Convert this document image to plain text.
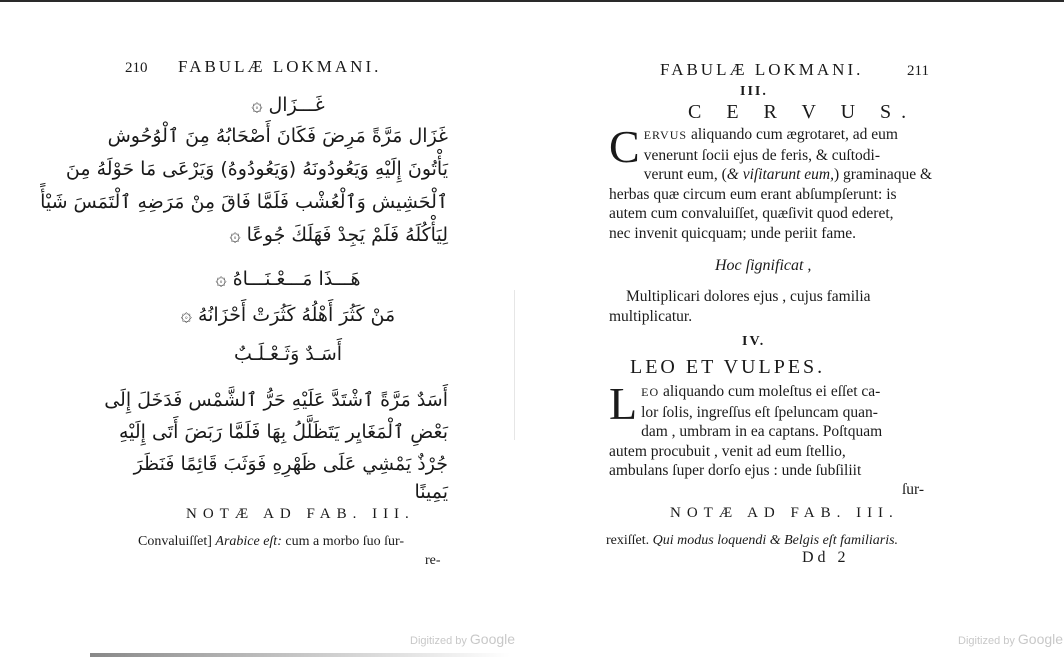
210 FABULÆ LOKMANI.
غَـــزَال ۞
غَزَال مَرَّةً مَرِضَ فَكَانَ أَصْحَابُهُ مِنَ ٱلْوُحُوش
يَأْتُونَ إِلَيْهِ وَيَعُودُونَهُ (وَيَعُودُوهُ) وَيَرْعَى مَا حَوْلَهُ مِنَ
ٱلْحَشِيش وَٱلْعُشْب فَلَمَّا فَاقَ مِنْ مَرَضِهِ ٱلْتَمَسَ شَيْأً
لِيَأْكُلَهُ فَلَمْ يَجِدْ فَهَلَكَ جُوعًا ۞
هَـــذَا مَـــعْـنَـــاهُ ۞
مَنْ كَثُرَ أَهْلُهُ كَثُرَتْ أَحْزَانُهُ ۞
أَسَـدٌ وَثَـعْـلَـبٌ
أَسَدٌ مَرَّةً ٱشْتَدَّ عَلَيْهِ حَرُّ ٱلشَّمْس فَدَخَلَ إِلَى
بَعْضِ ٱلْمَغَايِر يَتَظَلَّلُ بِهَا فَلَمَّا رَبَضَ أَتَى إِلَيْهِ
جُرْذٌ يَمْشِي عَلَى ظَهْرِهِ فَوَثَبَ قَائِمًا فَنَظَرَ
يَمِينًا
NOTÆ AD FAB. III.
Convaluiſſet] Arabice eſt: cum a morbo ſuo ſur-
re-
Digitized by Google
FABULÆ LOKMANI.	211
III.
C E R V U S.
C ERVUS aliquando cum ægrotaret, ad eum

venerunt ſocii ejus de feris, & cuſtodi-

verunt eum, (& viſitarunt eum,) graminaque &

herbas quæ circum eum erant abſumpſerunt: is

autem cum convaluiſſet, quæſivit quod ederet,

nec invenit quicquam; unde periit fame.

Hoc ſignificat ,
Multiplicari dolores ejus , cujus familia
multiplicatur.
IV.
LEO ET VULPES.
L EO aliquando cum moleſtus ei eſſet ca-

lor ſolis, ingreſſus eſt ſpeluncam quan-

dam , umbram in ea captans. Poſtquam

autem procubuit , venit ad eum ſtellio,

ambulans ſuper dorſo ejus : unde ſubſiliit

ſur-
NOTÆ AD FAB. III.
rexiſſet. Qui modus loquendi & Belgis eſt familiaris.
Dd 2
Digitized by Google
